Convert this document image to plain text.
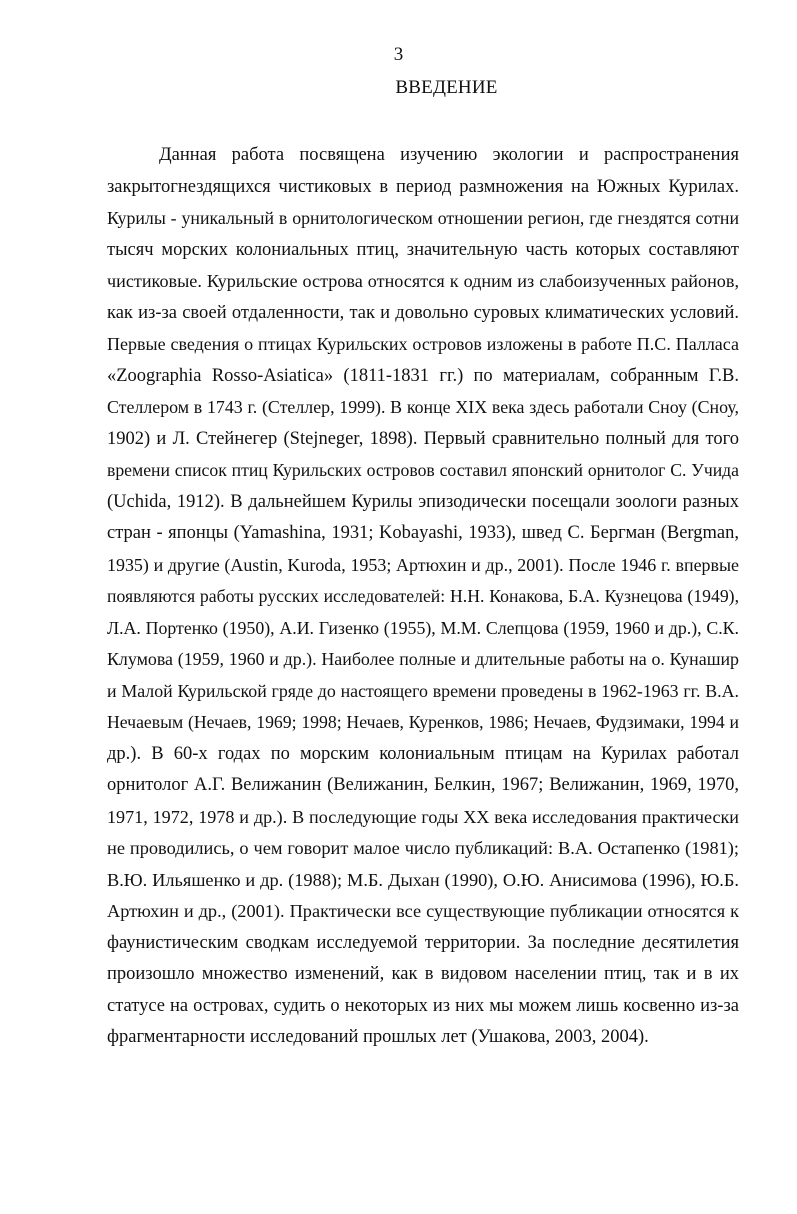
3
ВВЕДЕНИЕ
Данная работа посвящена изучению экологии и распространения
закрытогнездящихся чистиковых в период размножения на Южных Курилах.
Курилы - уникальный в орнитологическом отношении регион, где гнездятся сотни
тысяч морских колониальных птиц, значительную часть которых составляют
чистиковые. Курильские острова относятся к одним из слабоизученных районов,
как из-за своей отдаленности, так и довольно суровых климатических условий.
Первые сведения о птицах Курильских островов изложены в работе П.С. Палласа
«Zoographia Rosso-Asiatica» (1811-1831 гг.) по материалам, собранным Г.В.
Стеллером в 1743 г. (Стеллер, 1999). В конце XIX века здесь работали Сноу (Сноу,
1902) и Л. Стейнегер (Stejneger, 1898). Первый сравнительно полный для того
времени список птиц Курильских островов составил японский орнитолог С. Учида
(Uchida, 1912). В дальнейшем Курилы эпизодически посещали зоологи разных
стран - японцы (Yamashina, 1931; Kobayashi, 1933), швед С. Бергман (Bergman,
1935) и другие (Austin, Kuroda, 1953; Артюхин и др., 2001). После 1946 г. впервые
появляются работы русских исследователей: Н.Н. Конакова, Б.А. Кузнецова (1949),
Л.А. Портенко (1950), А.И. Гизенко (1955), М.М. Слепцова (1959, 1960 и др.), С.К.
Клумова (1959, 1960 и др.). Наиболее полные и длительные работы на о. Кунашир
и Малой Курильской гряде до настоящего времени проведены в 1962-1963 гг. В.А.
Нечаевым (Нечаев, 1969; 1998; Нечаев, Куренков, 1986; Нечаев, Фудзимаки, 1994 и
др.). В 60-х годах по морским колониальным птицам на Курилах работал
орнитолог А.Г. Велижанин (Велижанин, Белкин, 1967; Велижанин, 1969, 1970,
1971, 1972, 1978 и др.). В последующие годы XX века исследования практически
не проводились, о чем говорит малое число публикаций: В.А. Остапенко (1981);
В.Ю. Ильяшенко и др. (1988); М.Б. Дыхан (1990), О.Ю. Анисимова (1996), Ю.Б.
Артюхин и др., (2001). Практически все существующие публикации относятся к
фаунистическим сводкам исследуемой территории. За последние десятилетия
произошло множество изменений, как в видовом населении птиц, так и в их
статусе на островах, судить о некоторых из них мы можем лишь косвенно из-за
фрагментарности исследований прошлых лет (Ушакова, 2003, 2004).
